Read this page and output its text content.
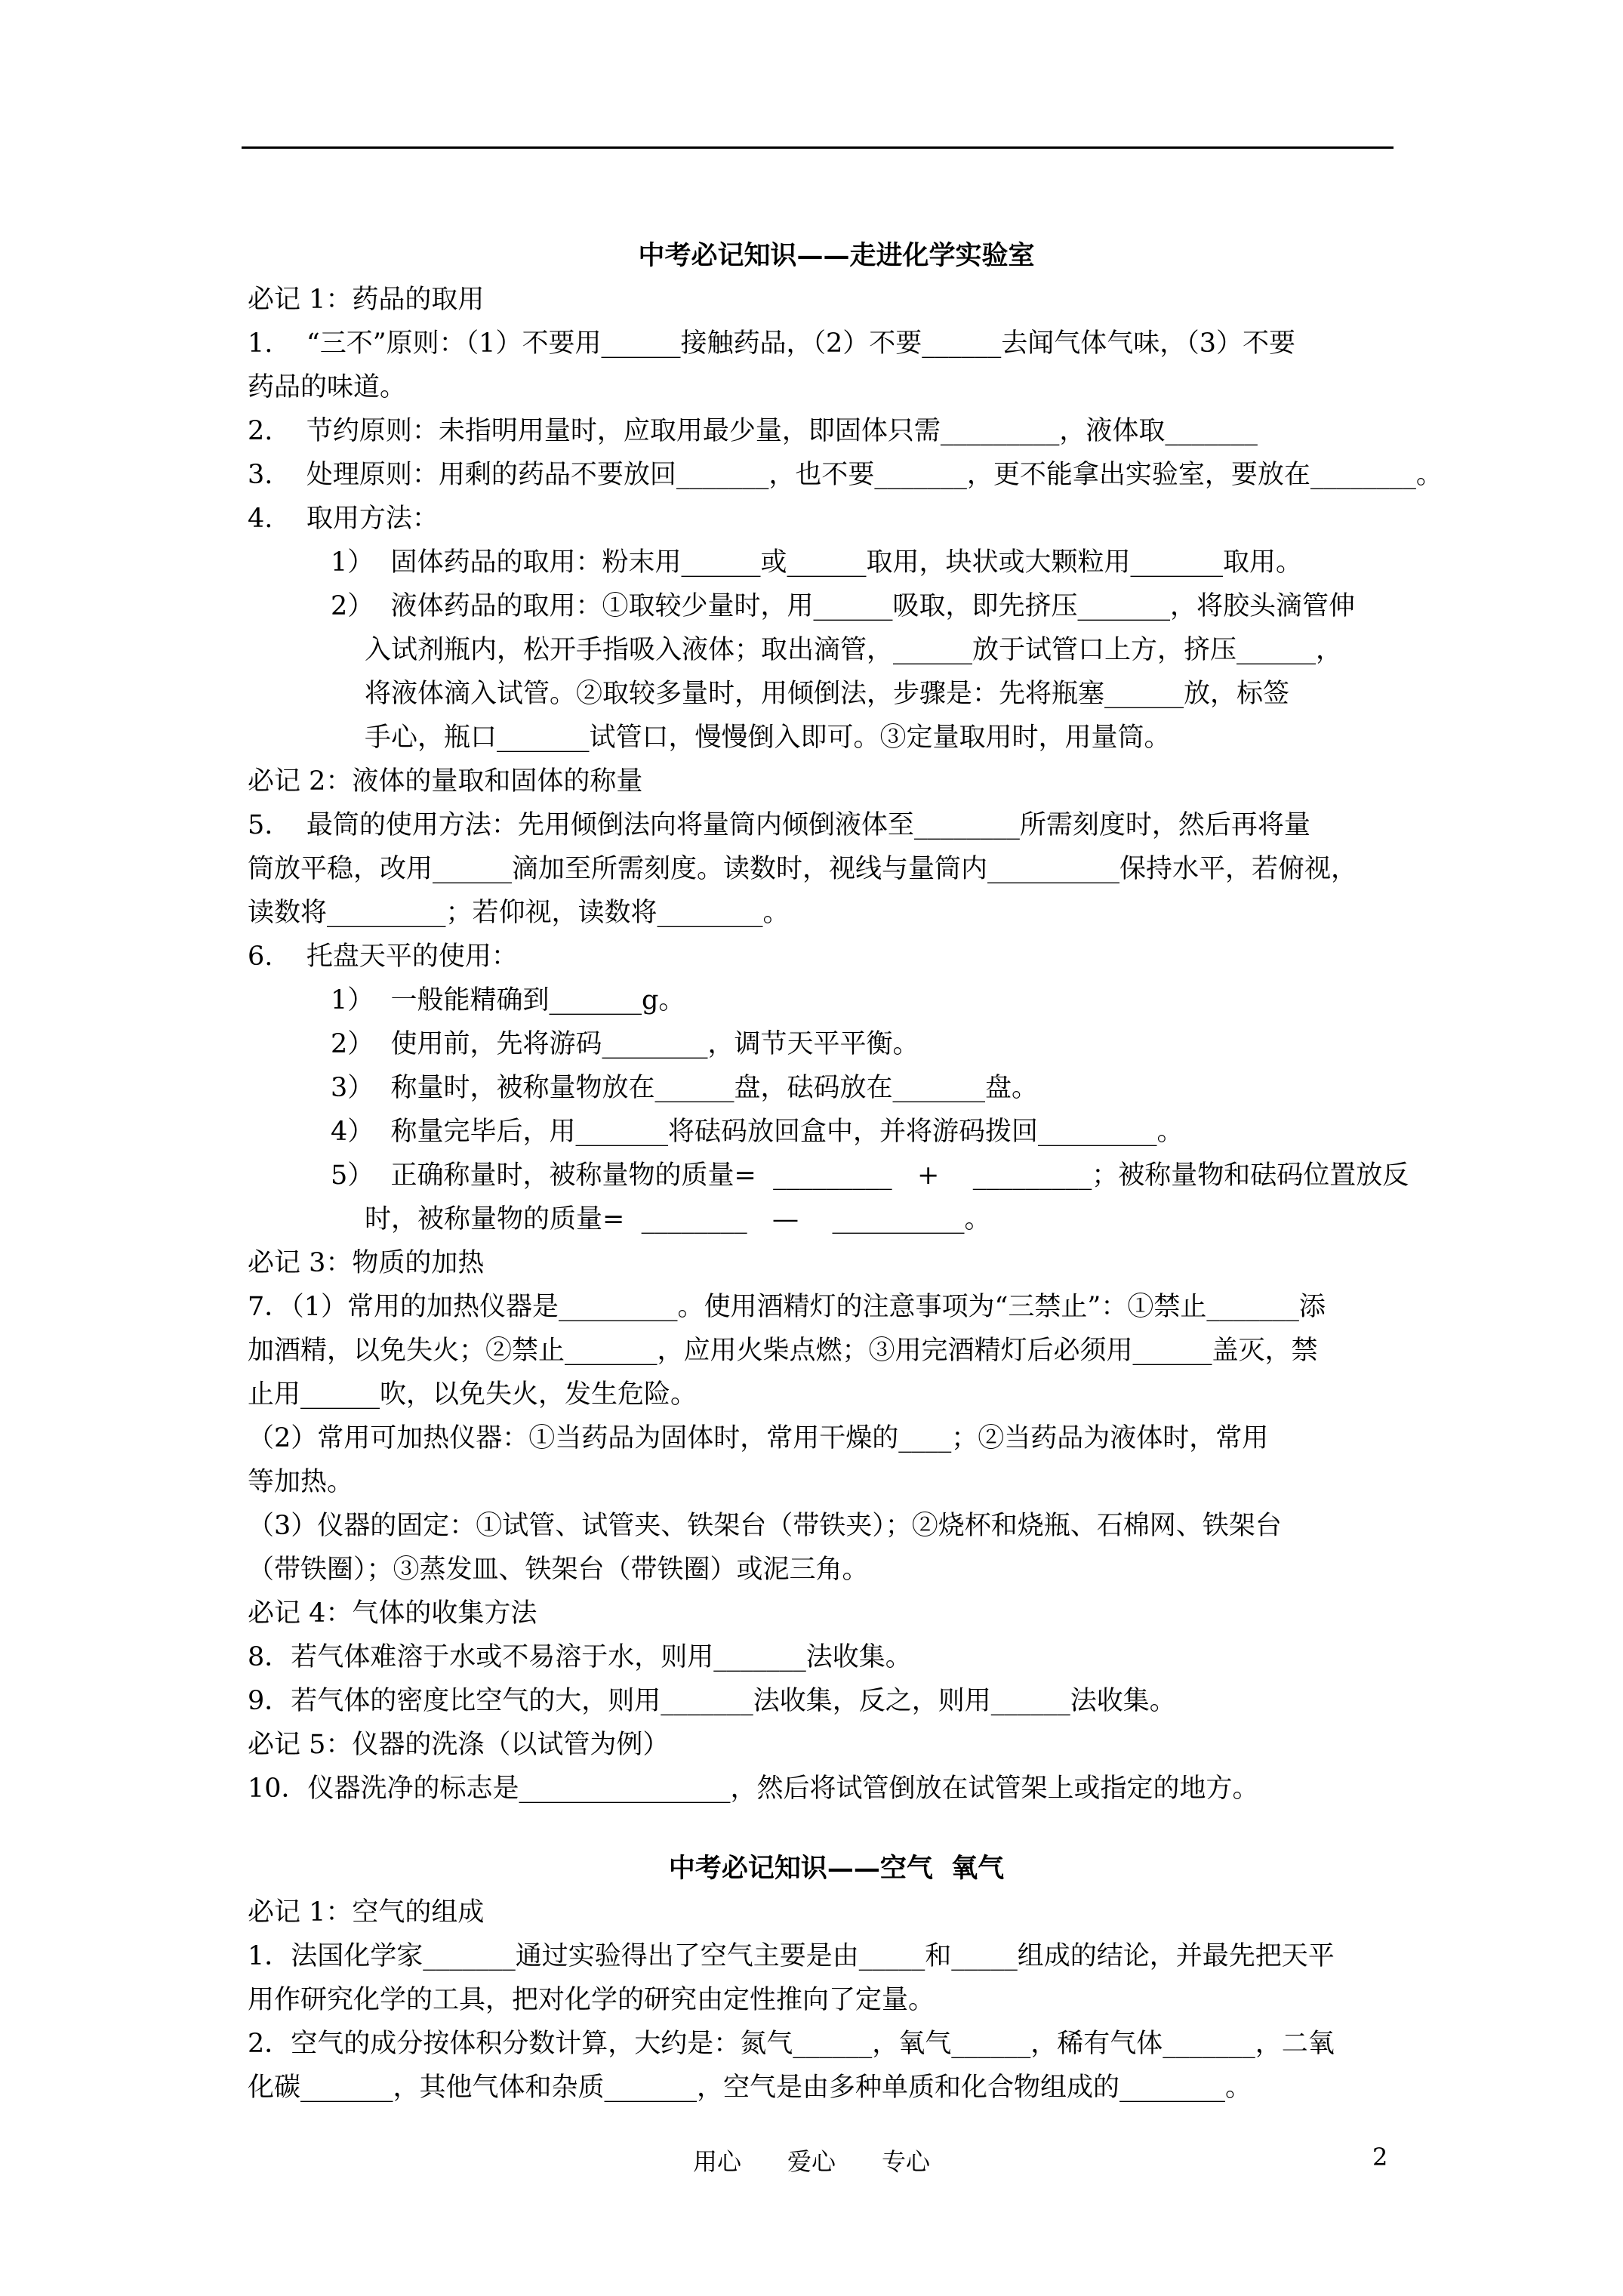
中考必记知识——走进化学实验室
必记 1：药品的取用
1.    “三不”原则：（1）不要用______接触药品，（2）不要______去闻气体气味，（3）不要
药品的味道。
2.    节约原则：未指明用量时，应取用最少量，即固体只需_________，液体取_______
3.    处理原则：用剩的药品不要放回_______，也不要_______，更不能拿出实验室，要放在________。
4.    取用方法：
1）  固体药品的取用：粉末用______或______取用，块状或大颗粒用_______取用。
2）  液体药品的取用：①取较少量时，用______吸取，即先挤压_______，将胶头滴管伸
入试剂瓶内，松开手指吸入液体；取出滴管，______放于试管口上方，挤压______，
将液体滴入试管。②取较多量时，用倾倒法，步骤是：先将瓶塞______放，标签
手心，瓶口_______试管口，慢慢倒入即可。③定量取用时，用量筒。
必记 2：液体的量取和固体的称量
5.    最筒的使用方法：先用倾倒法向将量筒内倾倒液体至________所需刻度时，然后再将量
筒放平稳，改用______滴加至所需刻度。读数时，视线与量筒内__________保持水平，若俯视，
读数将_________；若仰视，读数将________。
6.    托盘天平的使用：
1）  一般能精确到_______g。
2）  使用前，先将游码________，调节天平平衡。
3）  称量时，被称量物放在______盘，砝码放在_______盘。
4）  称量完毕后，用_______将砝码放回盒中，并将游码拨回_________。
5）  正确称量时，被称量物的质量=  _________   +    _________；被称量物和砝码位置放反
时，被称量物的质量=  ________   —    __________。
必记 3：物质的加热
7．（1）常用的加热仪器是_________。使用酒精灯的注意事项为“三禁止”：①禁止_______添
加酒精，以免失火；②禁止_______，应用火柴点燃；③用完酒精灯后必须用______盖灭，禁
止用______吹，以免失火，发生危险。
（2）常用可加热仪器：①当药品为固体时，常用干燥的____；②当药品为液体时，常用
等加热。
（3）仪器的固定：①试管、试管夹、铁架台（带铁夹）；②烧杯和烧瓶、石棉网、铁架台
（带铁圈）；③蒸发皿、铁架台（带铁圈）或泥三角。
必记 4：气体的收集方法
8．若气体难溶于水或不易溶于水，则用_______法收集。
9．若气体的密度比空气的大，则用_______法收集，反之，则用______法收集。
必记 5：仪器的洗涤（以试管为例）
10．仪器洗净的标志是________________，然后将试管倒放在试管架上或指定的地方。
中考必记知识——空气  氧气
必记 1：空气的组成
1．法国化学家_______通过实验得出了空气主要是由_____和_____组成的结论，并最先把天平
用作研究化学的工具，把对化学的研究由定性推向了定量。
2．空气的成分按体积分数计算，大约是：氮气______，氧气______，稀有气体_______，二氧
化碳_______，其他气体和杂质_______，空气是由多种单质和化合物组成的________。
用心      爱心      专心	2
